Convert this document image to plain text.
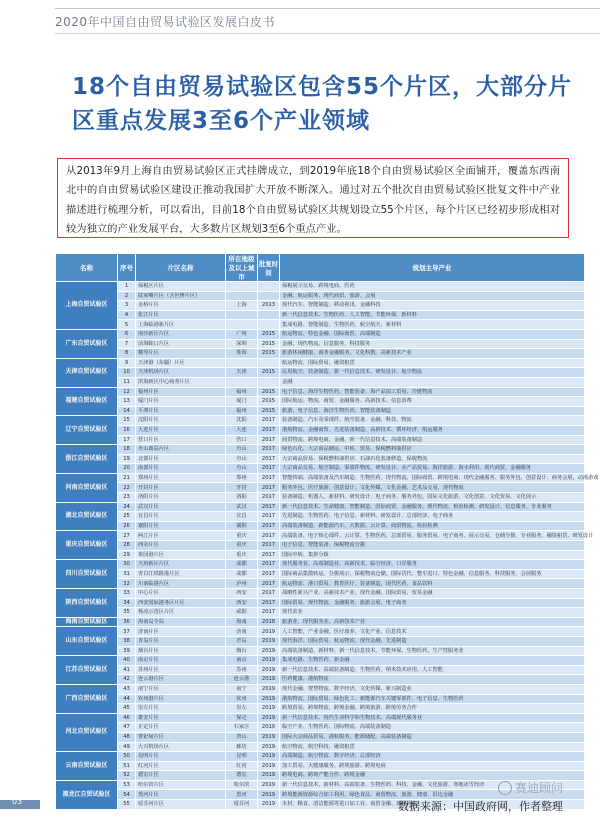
2020年中国自由贸易试验区发展白皮书
18个自由贸易试验区包含55个片区，大部分片区重点发展3至6个产业领域
从2013年9月上海自由贸易试验区正式挂牌成立，到2019年底18个自由贸易试验区全面铺开，覆盖东西南北中的自由贸易试验区建设正推动我国扩大开放不断深入。通过对五个批次自由贸易试验区批复文件中产业描述进行梳理分析，可以看出，目前18个自由贸易试验区共规划设立55个片区，每个片区已经初步形成相对较为独立的产业发展平台，大多数片区规划3至6个重点产业。
名称	序号	片区名称	所在地级及以上城市	批复时间	规划主导产业
上海自贸试验区	1	保税区片区			保税展示交易、跨境电商、医药
	2	陆家嘴片区（含世博片区）			金融、航运服务、现代商贸、旅游、会展
	3	金桥片区	上海	2013	现代汽车、智能制造、移动视讯、金融科技
	4	张江片区			新一代信息技术、生物医药、人工智能、节能环保、新材料
	5	上海临港新片区			集成电路、智能制造、生物医药、航空航天、新材料
广东自贸试验区	6	南沙新区片区	广州	2015	航运物流、特色金融、国际商贸、高端制造
	7	前海蛇口片区	深圳	2015	金融、现代物流、信息服务、科技服务
	8	横琴片区	珠海	2015	旅游休闲健康、商务金融服务、文化科教、高新技术产业
天津自贸试验区	9	天津港（东疆）片区			航运物流、国际贸易、融资租赁
	10	天津机场片区	天津	2015	民用航空、装备制造、新一代信息技术、研发设计、航空物流
	11	滨海新区中心商务片区			金融
福建自贸试验区	12	福州片区	福州	2015	电子信息、海洋生物医药、智能装备、海产品加工贸易、冷链物流
	13	厦门片区	厦门	2015	国际航运、物流、商贸、金融服务、高新技术、信息消费
	14	平潭片区	福州	2015	旅游、电子信息、海洋生物医药、智能装备制造
辽宁自贸试验区	15	沈阳片区	沈阳	2017	装备制造、汽车及零部件、航空装备、金融、科技、物流
	16	大连片区	大连	2017	港航物流、金融商贸、先进装备制造、高新技术、循环经济、航运服务
	17	营口片区	营口	2017	商贸物流、跨境电商、金融、新一代信息技术、高端装备制造
浙江自贸试验区	18	舟山离岛片区	舟山	2017	绿色石化、大宗商品储运、中转、贸易、保税燃料油供应
	19	北部片区	舟山	2017	大宗商品贸易、保税燃料油供应、石油石化装备修造、保税物流
	20	南部片区	舟山	2017	大宗商品交易、航空制造、零部件物流、研发设计、水产品贸易、海洋旅游、海水利用、现代商贸、金融服务
河南自贸试验区	21	郑州片区	郑州	2017	智能终端、高端装备及汽车制造、生物医药、现代物流、国际商贸、跨境电商、现代金融服务、服务外包、创意设计、商务会展、动漫游戏
	22	开封片区	开封	2017	服务外包、医疗旅游、创意设计、文化传媒、文化金融、艺术品交易、现代物流
	23	洛阳片区	洛阳	2017	装备制造、机器人、新材料、研发设计、电子商务、服务外包、国际文化旅游、文化创意、文化贸易、文化展示
湖北自贸试验区	24	武汉片区	武汉	2017	新一代信息技术、生命健康、智能制造、国际商贸、金融服务、现代物流、检验检测、研发设计、信息服务、专业服务
	25	宜昌片区	宜昌	2017	先进制造、生物医药、电子信息、新材料、研发设计、总部经济、电子商务
	26	襄阳片区	襄阳	2017	高端装备制造、新能源汽车、大数据、云计算、商贸物流、检验检测
重庆自贸试验区	27	两江片区	重庆	2017	高端装备、电子核心部件、云计算、生物医药、总部贸易、服务贸易、电子商务、展示交易、仓储分拨、专业服务、融资租赁、研发设计
	28	西永片区	重庆	2017	电子信息、智能装备、保税物流分拨
	29	果园港片区	重庆	2017	国际中转、集拼分拨
四川自贸试验区	30	天府新区片区	成都	2017	现代服务业、高端制造业、高新技术、临空经济、口岸服务
	31	青白江铁路港片区	成都	2017	国际商品集散转运、分拨展示、保税物流仓储、国际货代、整车进口、特色金融、信息服务、科技服务、会展服务
	32	川南临港片区	泸州	2017	航运物流、港口贸易、教育医疗、装备制造、现代医药、食品饮料
陕西自贸试验区	33	中心片区	西安	2017	战略性新兴产业、高新技术产业、现代金融、国际贸易、贸易金融
	34	西安国际港务区片区	西安	2017	国际贸易、现代物流、金融服务、旅游会展、电子商务
	35	杨凌示范区片区	咸阳	2017	现代农业
海南自贸试验区	36	海南岛全岛	海南	2018	旅游业、现代服务业、高新技术产业
山东自贸试验区	37	济南片区	济南	2019	人工智能、产业金融、医疗康养、文化产业、信息技术
	38	青岛片区	青岛	2019	现代海洋、国际贸易、航运物流、现代金融、先进制造
	39	烟台片区	烟台	2019	高端装备制造、新材料、新一代信息技术、节能环保、生物医药、生产性服务业
江苏自贸试验区	40	南京片区	南京	2019	集成电路、生物医药、新金融
	41	苏州片区	苏州	2019	新一代信息技术、高端装备制造、生物医药、纳米技术应用、人工智能
	42	连云港片区	连云港	2019	医药健康、港航物流
广西自贸试验区	43	南宁片区	南宁	2019	现代金融、智慧物流、数字经济、文化传媒、新兴制造业
	44	钦州港片区	钦州	2019	港航物流、国际贸易、绿色化工、新能源汽车关键零部件、电子信息、生物医药
	45	崇左片区	崇左	2019	跨境贸易、跨境物流、跨境金融、跨境旅游、跨境劳务合作
河北自贸试验区	46	雄安片区	保定	2019	新一代信息技术、现代生命科学和生物技术、高端现代服务业
	47	正定片区	石家庄	2019	临空产业、生物医药、国际物流、高端装备制造
	48	曹妃甸片区	唐山	2019	国际大宗商品贸易、港航服务、能源储配、高端装备制造
	49	大兴机场片区	廊坊	2019	航空物流、航空科技、融资租赁
云南自贸试验区	50	昆明片区	昆明	2019	高端制造、航空物流、数字经济、总部经济
	51	红河片区	红河	2019	加工贸易、大健康服务、跨境旅游、跨境电商
	52	德宏片区	德宏	2019	跨境电商、跨境产能合作、跨境金融
黑龙江自贸试验区	53	哈尔滨片区	哈尔滨	2019	新一代信息技术、新材料、高端装备、生物医药、科技、金融、文化旅游、寒地冰雪经济
	54	黑河片区	黑河	2019	跨境能源资源综合加工利用、绿色食品、商贸物流、旅游、健康、沿边金融
	55	绥芬河片区	绥芬河	2019	木材、粮食、清洁能源等进口加工业、商贸金融、现代物流
赛迪顾问
03	数据来源：中国政府网，作者整理
